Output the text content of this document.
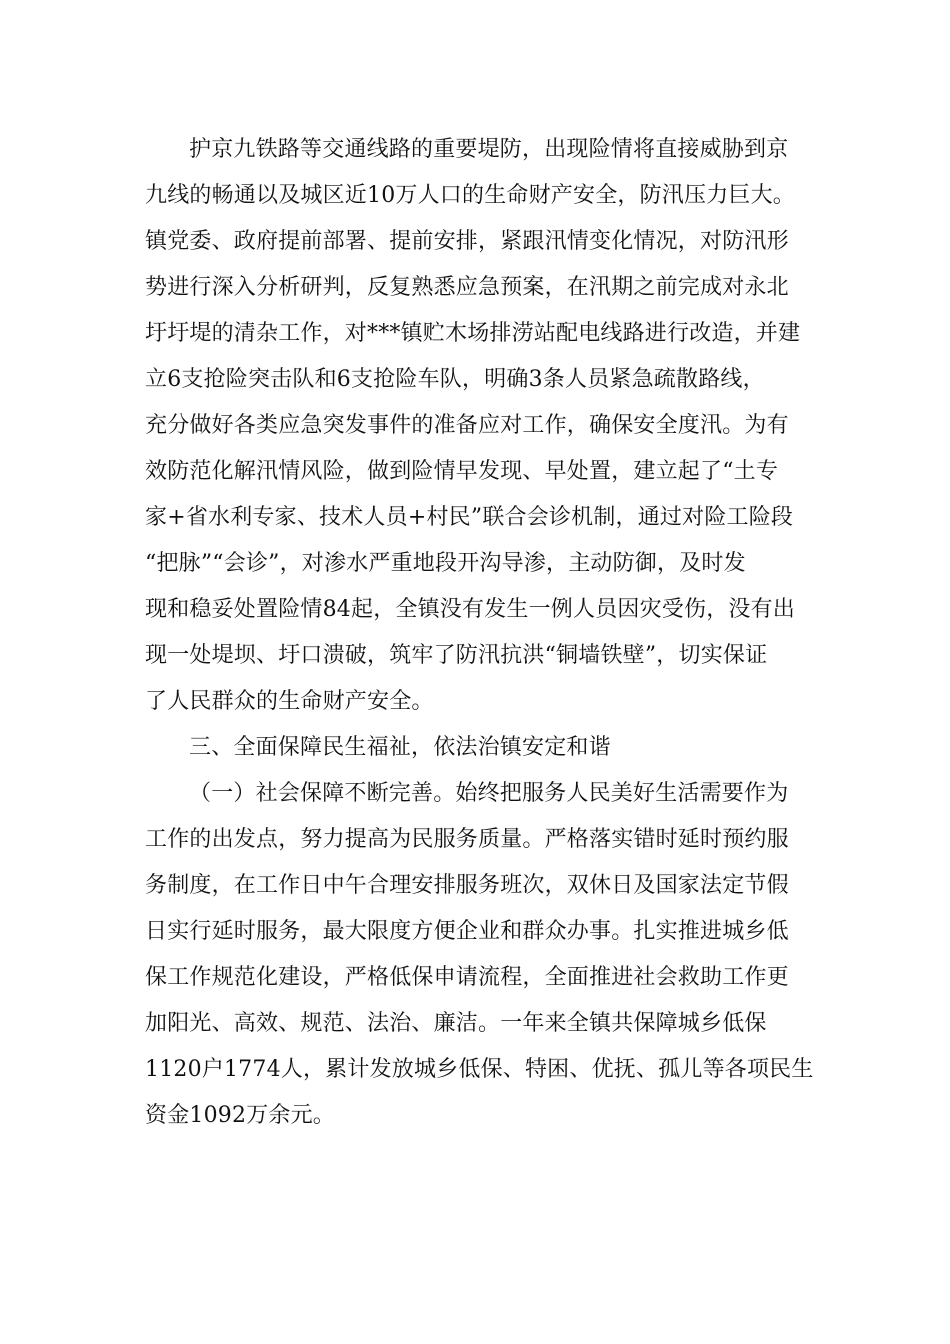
护京九铁路等交通线路的重要堤防，出现险情将直接威胁到京
九线的畅通以及城区近10万人口的生命财产安全，防汛压力巨大。
镇党委、政府提前部署、提前安排，紧跟汛情变化情况，对防汛形
势进行深入分析研判，反复熟悉应急预案，在汛期之前完成对永北
圩圩堤的清杂工作，对***镇贮木场排涝站配电线路进行改造，并建
立6支抢险突击队和6支抢险车队，明确3条人员紧急疏散路线，
充分做好各类应急突发事件的准备应对工作，确保安全度汛。为有
效防范化解汛情风险，做到险情早发现、早处置，建立起了“土专
家+省水利专家、技术人员+村民”联合会诊机制，通过对险工险段
“把脉”“会诊”，对渗水严重地段开沟导渗，主动防御，及时发
现和稳妥处置险情84起，全镇没有发生一例人员因灾受伤，没有出
现一处堤坝、圩口溃破，筑牢了防汛抗洪“铜墙铁壁”，切实保证
了人民群众的生命财产安全。
三、全面保障民生福祉，依法治镇安定和谐
（一）社会保障不断完善。始终把服务人民美好生活需要作为
工作的出发点，努力提高为民服务质量。严格落实错时延时预约服
务制度，在工作日中午合理安排服务班次，双休日及国家法定节假
日实行延时服务，最大限度方便企业和群众办事。扎实推进城乡低
保工作规范化建设，严格低保申请流程，全面推进社会救助工作更
加阳光、高效、规范、法治、廉洁。一年来全镇共保障城乡低保
1120户1774人，累计发放城乡低保、特困、优抚、孤儿等各项民生
资金1092万余元。
